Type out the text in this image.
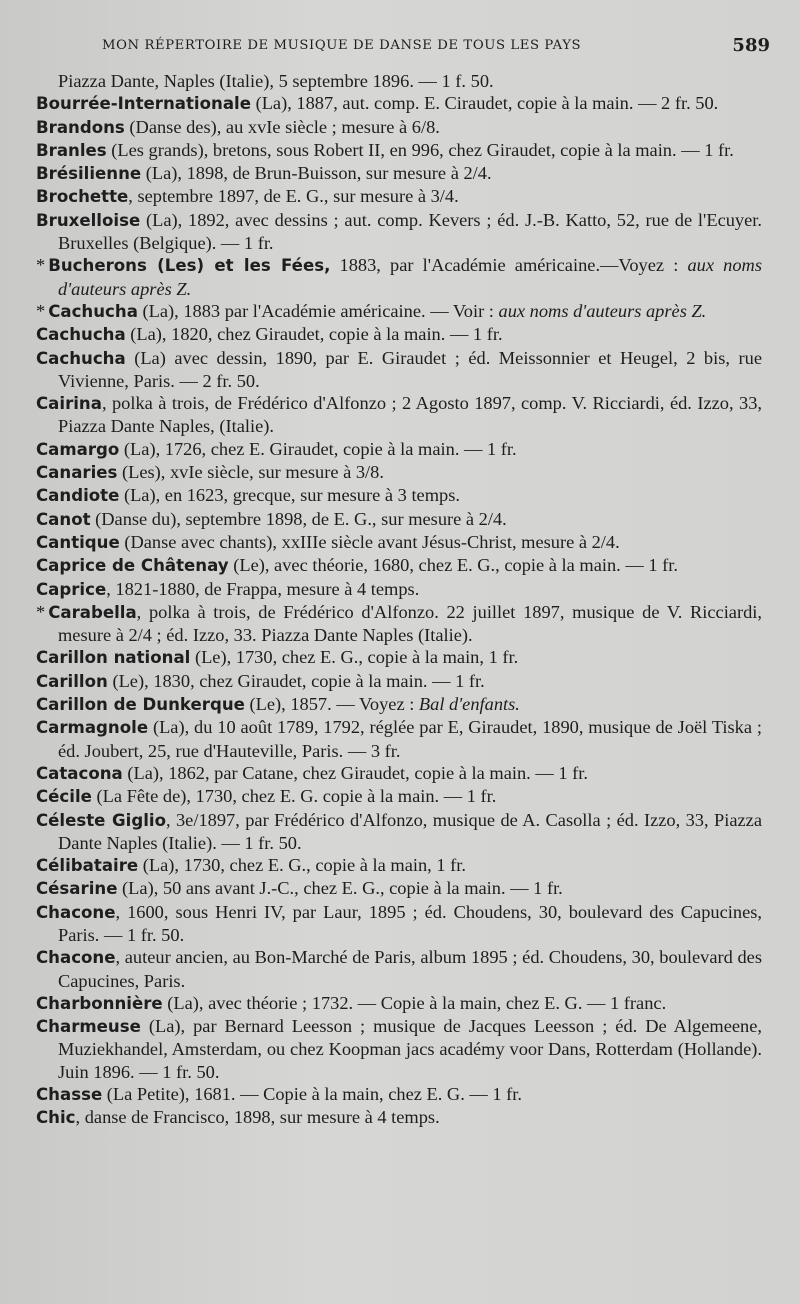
MON RÉPERTOIRE DE MUSIQUE DE DANSE DE TOUS LES PAYS	589

Piazza Dante, Naples (Italie), 5 septembre 1896. — 1 f. 50.

Bourrée-Internationale (La), 1887, aut. comp. E. Ciraudet, copie à la main. — 2 fr. 50.

Brandons (Danse des), au xvIe siècle ; mesure à 6/8.

Branles (Les grands), bretons, sous Robert II, en 996, chez Giraudet, copie à la main. — 1 fr.

Brésilienne (La), 1898, de Brun-Buisson, sur mesure à 2/4.

Brochette, septembre 1897, de E. G., sur mesure à 3/4.

Bruxelloise (La), 1892, avec dessins ; aut. comp. Kevers ; éd. J.-B. Katto, 52, rue de l'Ecuyer. Bruxelles (Belgique). — 1 fr.

* Bucherons (Les) et les Fées, 1883, par l'Académie américaine.—Voyez : aux noms d'auteurs après Z.

* Cachucha (La), 1883 par l'Académie américaine. — Voir : aux noms d'auteurs après Z.

Cachucha (La), 1820, chez Giraudet, copie à la main. — 1 fr.

Cachucha (La) avec dessin, 1890, par E. Giraudet ; éd. Meissonnier et Heugel, 2 bis, rue Vivienne, Paris. — 2 fr. 50.

Cairina, polka à trois, de Frédérico d'Alfonzo ; 2 Agosto 1897, comp. V. Ricciardi, éd. Izzo, 33, Piazza Dante Naples, (Italie).

Camargo (La), 1726, chez E. Giraudet, copie à la main. — 1 fr.

Canaries (Les), xvIe siècle, sur mesure à 3/8.

Candiote (La), en 1623, grecque, sur mesure à 3 temps.

Canot (Danse du), septembre 1898, de E. G., sur mesure à 2/4.

Cantique (Danse avec chants), xxIIIe siècle avant Jésus-Christ, mesure à 2/4.

Caprice de Châtenay (Le), avec théorie, 1680, chez E. G., copie à la main. — 1 fr.

Caprice, 1821-1880, de Frappa, mesure à 4 temps.

* Carabella, polka à trois, de Frédérico d'Alfonzo. 22 juillet 1897, musique de V. Ricciardi, mesure à 2/4 ; éd. Izzo, 33. Piazza Dante Naples (Italie).

Carillon national (Le), 1730, chez E. G., copie à la main, 1 fr.

Carillon (Le), 1830, chez Giraudet, copie à la main. — 1 fr.

Carillon de Dunkerque (Le), 1857. — Voyez : Bal d'enfants.

Carmagnole (La), du 10 août 1789, 1792, réglée par E, Giraudet, 1890, musique de Joël Tiska ; éd. Joubert, 25, rue d'Hauteville, Paris. — 3 fr.

Catacona (La), 1862, par Catane, chez Giraudet, copie à la main. — 1 fr.

Cécile (La Fête de), 1730, chez E. G. copie à la main. — 1 fr.

Céleste Giglio, 3e/1897, par Frédérico d'Alfonzo, musique de A. Casolla ; éd. Izzo, 33, Piazza Dante Naples (Italie). — 1 fr. 50.

Célibataire (La), 1730, chez E. G., copie à la main, 1 fr.

Césarine (La), 50 ans avant J.-C., chez E. G., copie à la main. — 1 fr.

Chacone, 1600, sous Henri IV, par Laur, 1895 ; éd. Choudens, 30, boulevard des Capucines, Paris. — 1 fr. 50.

Chacone, auteur ancien, au Bon-Marché de Paris, album 1895 ; éd. Choudens, 30, boulevard des Capucines, Paris.

Charbonnière (La), avec théorie ; 1732. — Copie à la main, chez E. G. — 1 franc.

Charmeuse (La), par Bernard Leesson ; musique de Jacques Leesson ; éd. De Algemeene, Muziekhandel, Amsterdam, ou chez Koopman jacs académy voor Dans, Rotterdam (Hollande). Juin 1896. — 1 fr. 50.

Chasse (La Petite), 1681. — Copie à la main, chez E. G. — 1 fr.

Chic, danse de Francisco, 1898, sur mesure à 4 temps.
